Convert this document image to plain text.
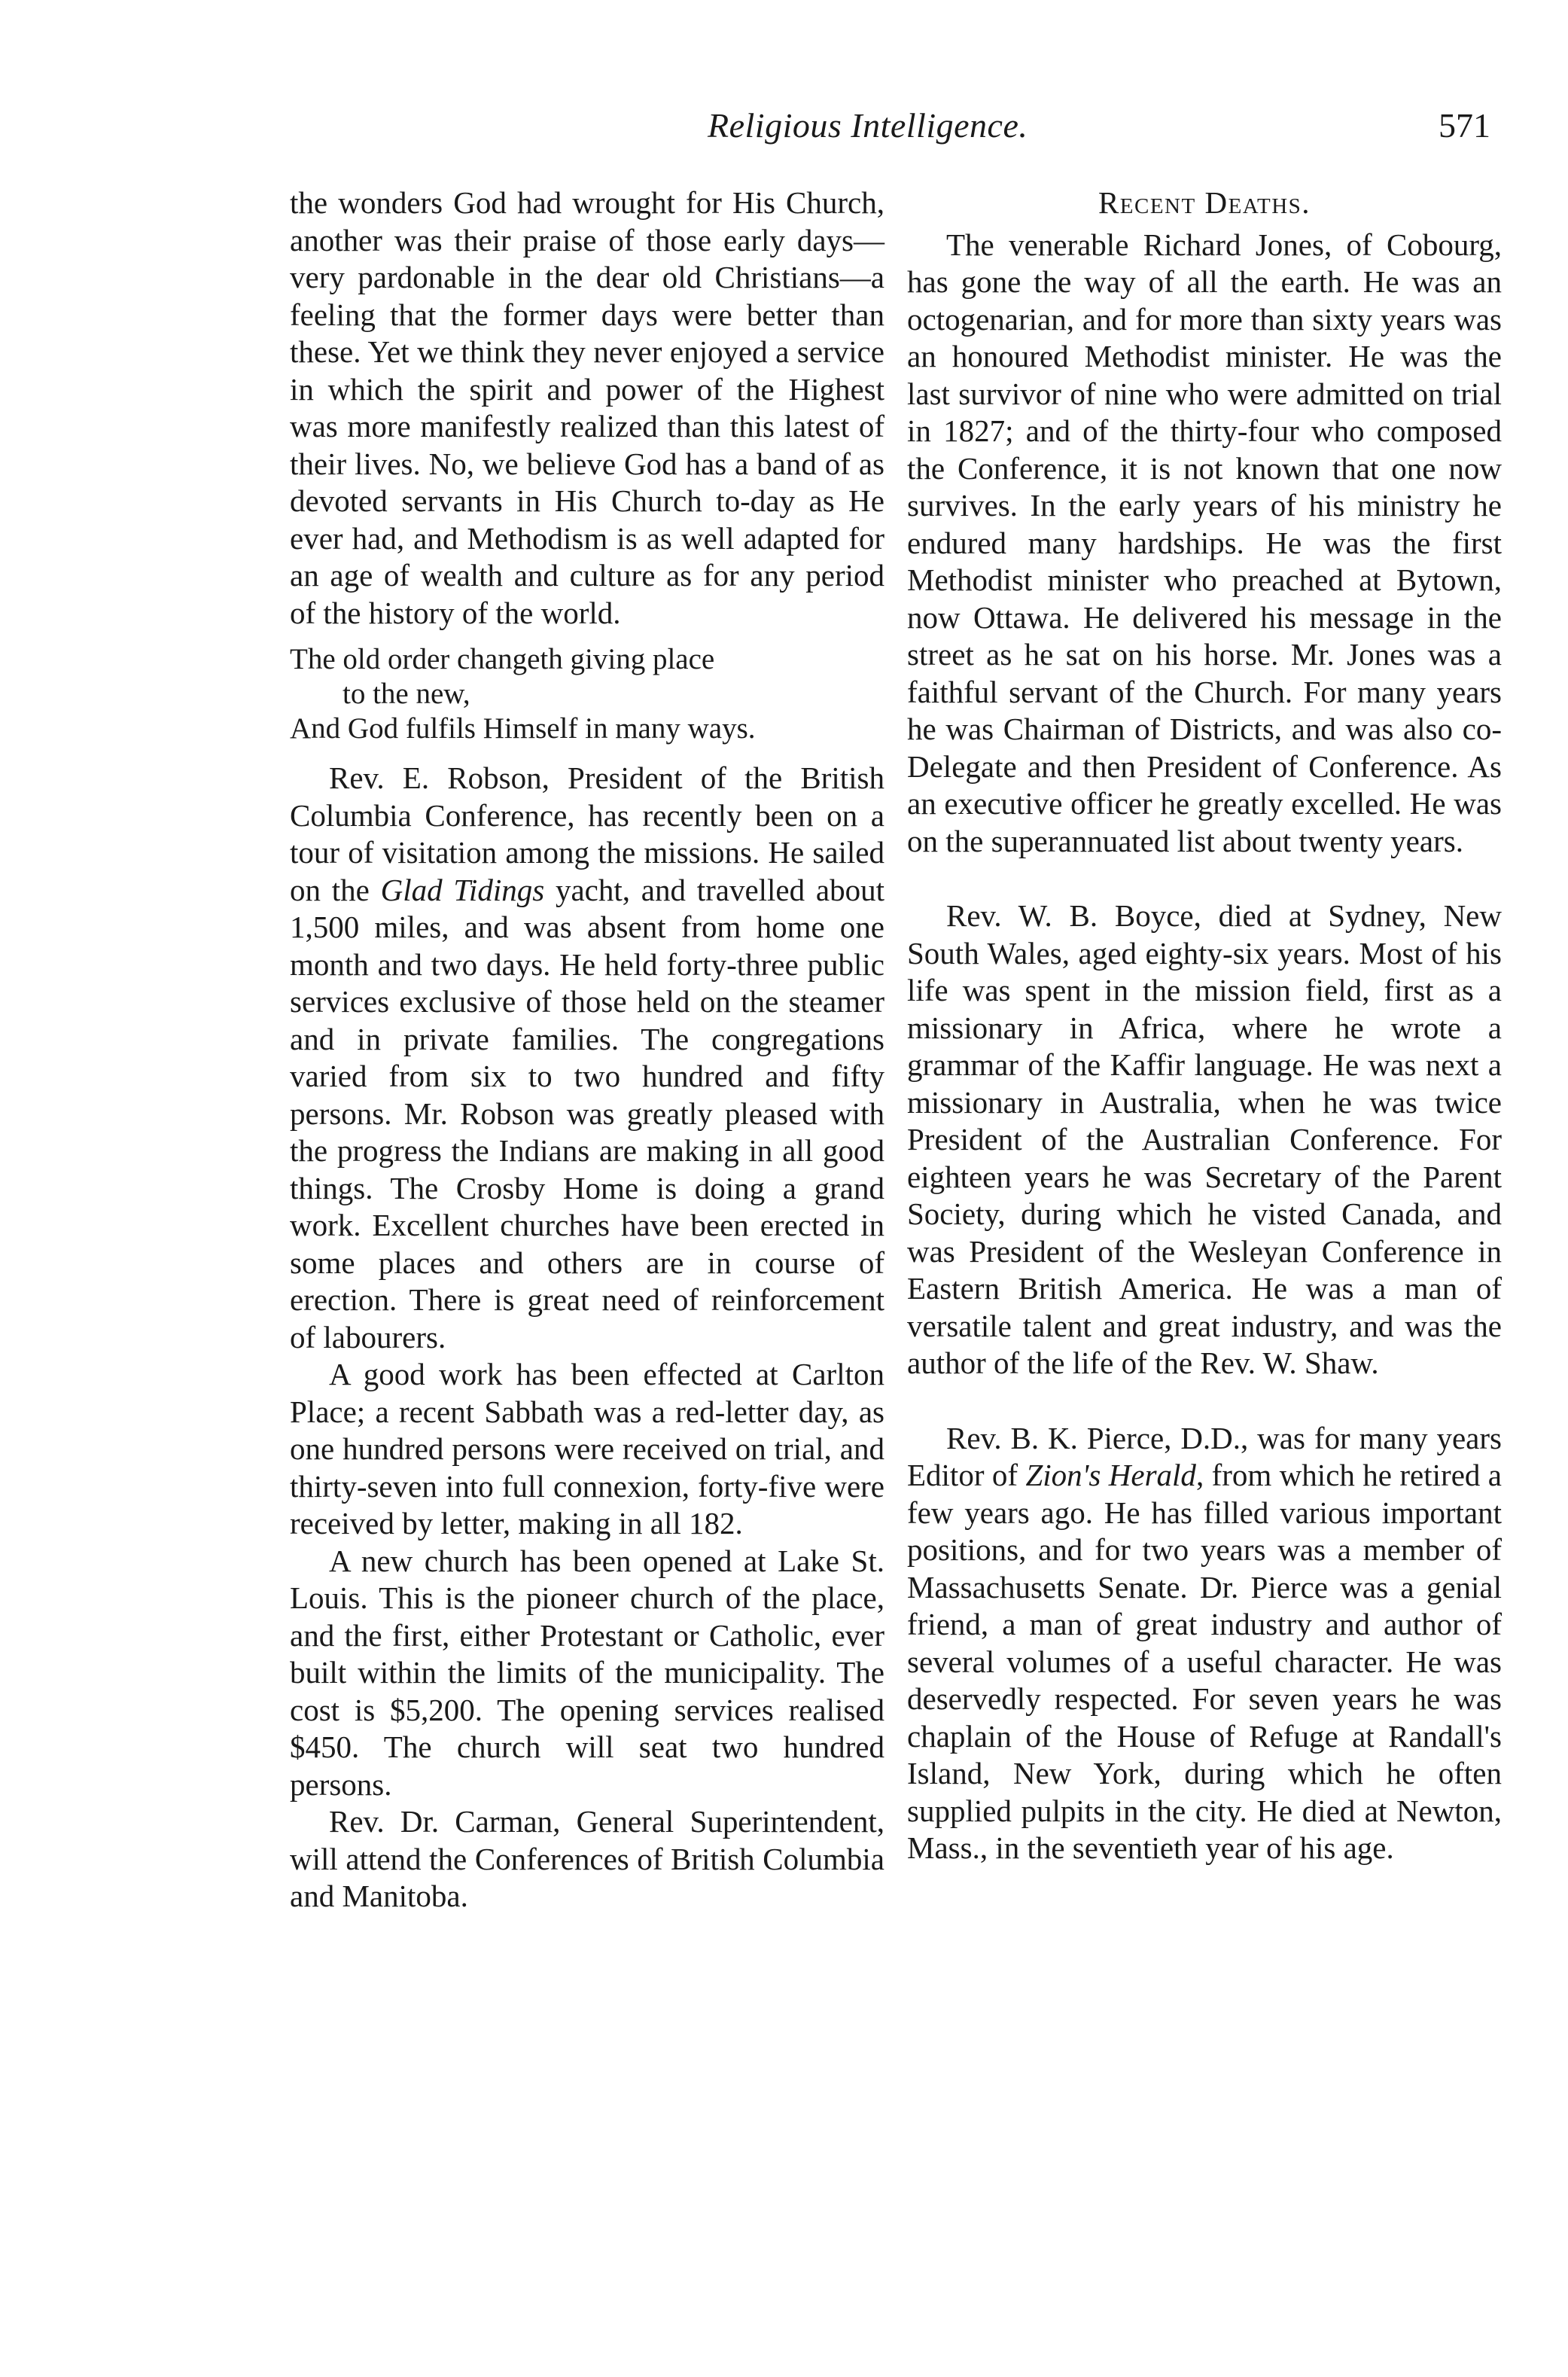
Religious Intelligence.	571

the wonders God had wrought for His Church, another was their praise of those early days—very pardonable in the dear old Christians—a feeling that the former days were better than these. Yet we think they never enjoyed a service in which the spirit and power of the Highest was more manifestly realized than this latest of their lives. No, we believe God has a band of as devoted servants in His Church to-day as He ever had, and Methodism is as well adapted for an age of wealth and culture as for any period of the history of the world.

The old order changeth giving place
to the new,
And God fulfils Himself in many ways.

Rev. E. Robson, President of the British Columbia Conference, has recently been on a tour of visitation among the missions. He sailed on the Glad Tidings yacht, and travelled about 1,500 miles, and was absent from home one month and two days. He held forty-three public services exclusive of those held on the steamer and in private families. The congregations varied from six to two hundred and fifty persons. Mr. Robson was greatly pleased with the progress the Indians are making in all good things. The Crosby Home is doing a grand work. Excellent churches have been erected in some places and others are in course of erection. There is great need of reinforcement of labourers.

A good work has been effected at Carlton Place; a recent Sabbath was a red-letter day, as one hundred persons were received on trial, and thirty-seven into full connexion, forty-five were received by letter, making in all 182.

A new church has been opened at Lake St. Louis. This is the pioneer church of the place, and the first, either Protestant or Catholic, ever built within the limits of the municipality. The cost is $5,200. The opening services realised $450. The church will seat two hundred persons.

Rev. Dr. Carman, General Superintendent, will attend the Conferences of British Columbia and Manitoba.

Recent Deaths.

The venerable Richard Jones, of Cobourg, has gone the way of all the earth. He was an octogenarian, and for more than sixty years was an honoured Methodist minister. He was the last survivor of nine who were admitted on trial in 1827; and of the thirty-four who composed the Conference, it is not known that one now survives. In the early years of his ministry he endured many hardships. He was the first Methodist minister who preached at Bytown, now Ottawa. He delivered his message in the street as he sat on his horse. Mr. Jones was a faithful servant of the Church. For many years he was Chairman of Districts, and was also co-Delegate and then President of Conference. As an executive officer he greatly excelled. He was on the superannuated list about twenty years.

Rev. W. B. Boyce, died at Sydney, New South Wales, aged eighty-six years. Most of his life was spent in the mission field, first as a missionary in Africa, where he wrote a grammar of the Kaffir language. He was next a missionary in Australia, when he was twice President of the Australian Conference. For eighteen years he was Secretary of the Parent Society, during which he visted Canada, and was President of the Wesleyan Conference in Eastern British America. He was a man of versatile talent and great industry, and was the author of the life of the Rev. W. Shaw.

Rev. B. K. Pierce, D.D., was for many years Editor of Zion's Herald, from which he retired a few years ago. He has filled various important positions, and for two years was a member of Massachusetts Senate. Dr. Pierce was a genial friend, a man of great industry and author of several volumes of a useful character. He was deservedly respected. For seven years he was chaplain of the House of Refuge at Randall's Island, New York, during which he often supplied pulpits in the city. He died at Newton, Mass., in the seventieth year of his age.
